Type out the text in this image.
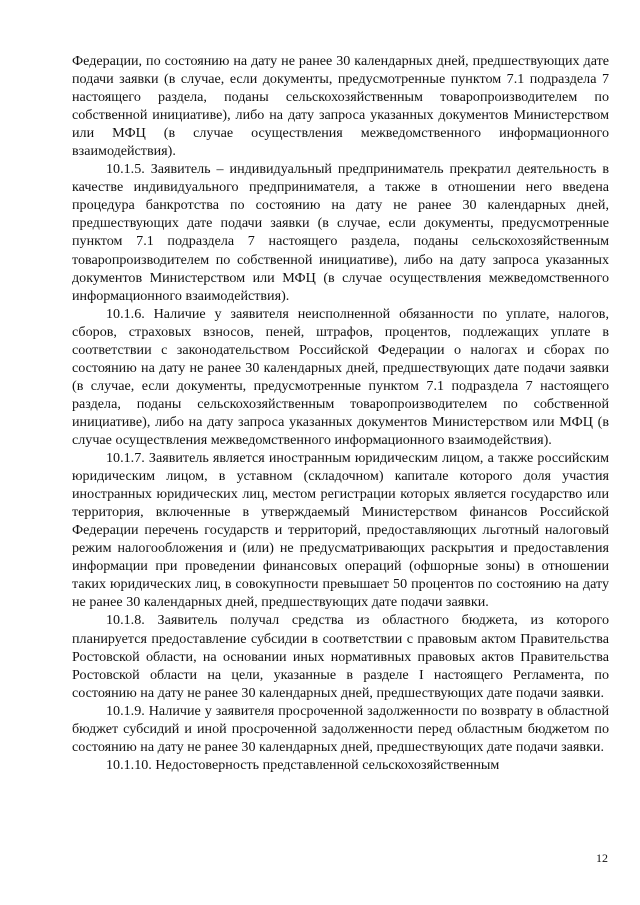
Федерации, по состоянию на дату не ранее 30 календарных дней, предшествующих дате подачи заявки (в случае, если документы, предусмотренные пунктом 7.1 подраздела 7 настоящего раздела, поданы сельскохозяйственным товаропроизводителем по собственной инициативе), либо на дату запроса указанных документов Министерством или МФЦ (в случае осуществления межведомственного информационного взаимодействия).

10.1.5. Заявитель – индивидуальный предприниматель прекратил деятельность в качестве индивидуального предпринимателя, а также в отношении него введена процедура банкротства по состоянию на дату не ранее 30 календарных дней, предшествующих дате подачи заявки (в случае, если документы, предусмотренные пунктом 7.1 подраздела 7 настоящего раздела, поданы сельскохозяйственным товаропроизводителем по собственной инициативе), либо на дату запроса указанных документов Министерством или МФЦ (в случае осуществления межведомственного информационного взаимодействия).

10.1.6. Наличие у заявителя неисполненной обязанности по уплате, налогов, сборов, страховых взносов, пеней, штрафов, процентов, подлежащих уплате в соответствии с законодательством Российской Федерации о налогах и сборах по состоянию на дату не ранее 30 календарных дней, предшествующих дате подачи заявки (в случае, если документы, предусмотренные пунктом 7.1 подраздела 7 настоящего раздела, поданы сельскохозяйственным товаропроизводителем по собственной инициативе), либо на дату запроса указанных документов Министерством или МФЦ (в случае осуществления межведомственного информационного взаимодействия).

10.1.7. Заявитель является иностранным юридическим лицом, а также российским юридическим лицом, в уставном (складочном) капитале которого доля участия иностранных юридических лиц, местом регистрации которых является государство или территория, включенные в утверждаемый Министерством финансов Российской Федерации перечень государств и территорий, предоставляющих льготный налоговый режим налогообложения и (или) не предусматривающих раскрытия и предоставления информации при проведении финансовых операций (офшорные зоны) в отношении таких юридических лиц, в совокупности превышает 50 процентов по состоянию на дату не ранее 30 календарных дней, предшествующих дате подачи заявки.

10.1.8. Заявитель получал средства из областного бюджета, из которого планируется предоставление субсидии в соответствии с правовым актом Правительства Ростовской области, на основании иных нормативных правовых актов Правительства Ростовской области на цели, указанные в разделе I настоящего Регламента, по состоянию на дату не ранее 30 календарных дней, предшествующих дате подачи заявки.

10.1.9. Наличие у заявителя просроченной задолженности по возврату в областной бюджет субсидий и иной просроченной задолженности перед областным бюджетом по состоянию на дату не ранее 30 календарных дней, предшествующих дате подачи заявки.

10.1.10. Недостоверность представленной сельскохозяйственным

12
